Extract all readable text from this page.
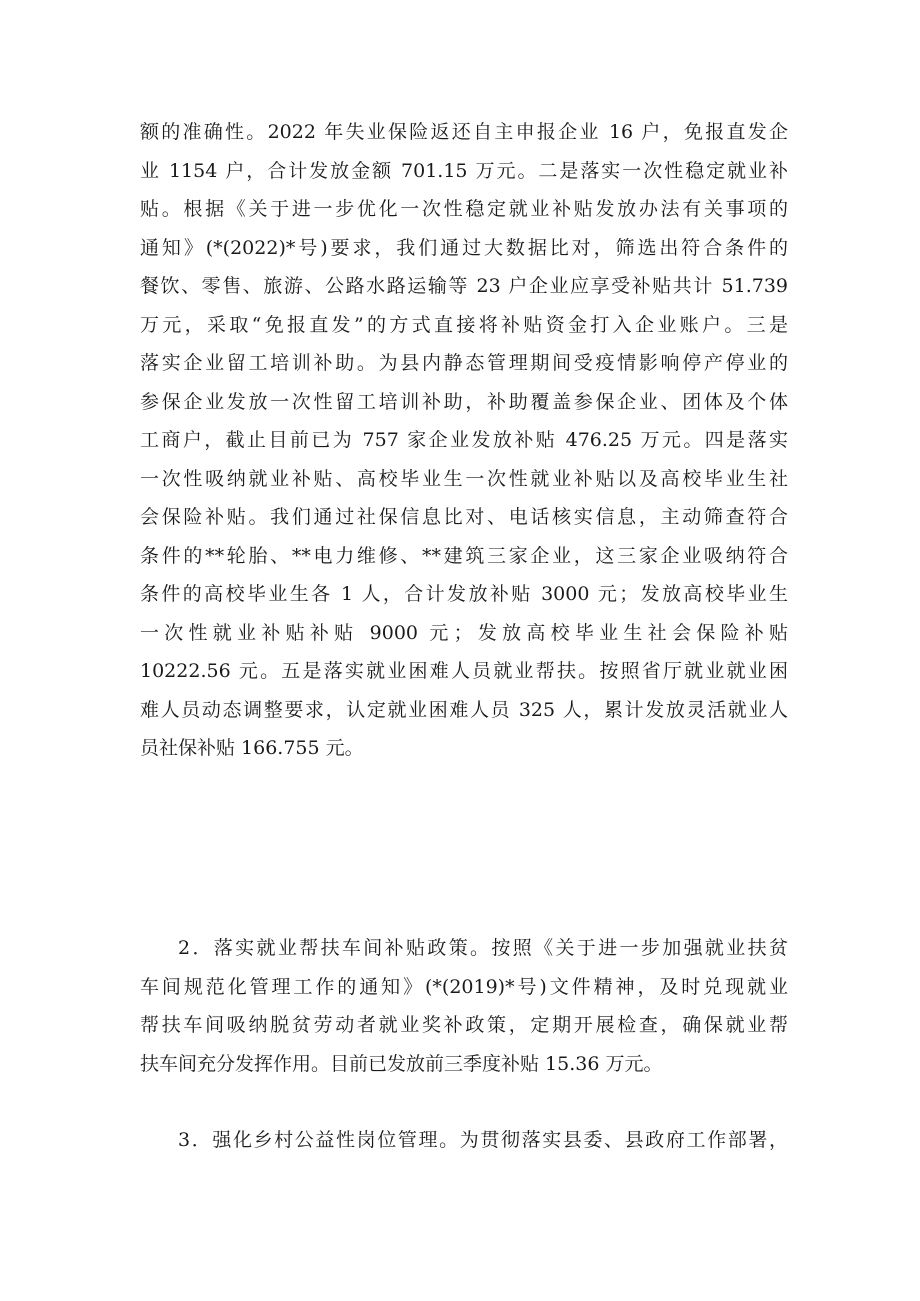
额的准确性。2022 年失业保险返还自主申报企业 16 户，免报直发企
业 1154 户，合计发放金额 701.15 万元。二是落实一次性稳定就业补
贴。根据《关于进一步优化一次性稳定就业补贴发放办法有关事项的
通知》(*(2022)*号)要求，我们通过大数据比对，筛选出符合条件的
餐饮、零售、旅游、公路水路运输等 23 户企业应享受补贴共计 51.739
万元，采取“免报直发”的方式直接将补贴资金打入企业账户。三是
落实企业留工培训补助。为县内静态管理期间受疫情影响停产停业的
参保企业发放一次性留工培训补助，补助覆盖参保企业、团体及个体
工商户，截止目前已为 757 家企业发放补贴 476.25 万元。四是落实
一次性吸纳就业补贴、高校毕业生一次性就业补贴以及高校毕业生社
会保险补贴。我们通过社保信息比对、电话核实信息，主动筛查符合
条件的**轮胎、**电力维修、**建筑三家企业，这三家企业吸纳符合
条件的高校毕业生各 1 人，合计发放补贴 3000 元；发放高校毕业生
一次性就业补贴补贴 9000 元；发放高校毕业生社会保险补贴
10222.56 元。五是落实就业困难人员就业帮扶。按照省厅就业就业困
难人员动态调整要求，认定就业困难人员 325 人，累计发放灵活就业人
员社保补贴 166.755 元。
2．落实就业帮扶车间补贴政策。按照《关于进一步加强就业扶贫
车间规范化管理工作的通知》(*(2019)*号)文件精神，及时兑现就业
帮扶车间吸纳脱贫劳动者就业奖补政策，定期开展检查，确保就业帮
扶车间充分发挥作用。目前已发放前三季度补贴 15.36 万元。
3．强化乡村公益性岗位管理。为贯彻落实县委、县政府工作部署，
